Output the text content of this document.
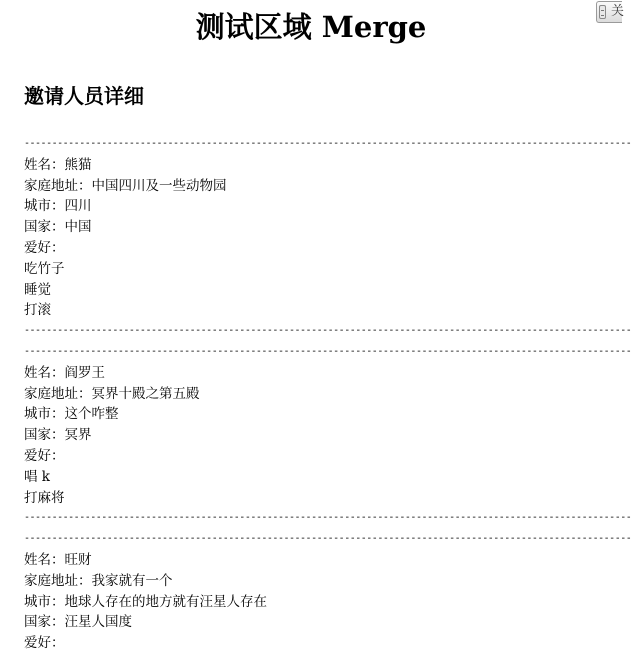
测试区域 Merge
邀请人员详细
关
--------------------------------------------------------------------------------------------------------------
姓名：熊猫
家庭地址：中国四川及一些动物园
城市：四川
国家：中国
爱好：
吃竹子
睡觉
打滚
--------------------------------------------------------------------------------------------------------------
--------------------------------------------------------------------------------------------------------------
姓名：阎罗王
家庭地址：冥界十殿之第五殿
城市：这个咋整
国家：冥界
爱好：
唱 k
打麻将
--------------------------------------------------------------------------------------------------------------
--------------------------------------------------------------------------------------------------------------
姓名：旺财
家庭地址：我家就有一个
城市：地球人存在的地方就有汪星人存在
国家：汪星人国度
爱好：
